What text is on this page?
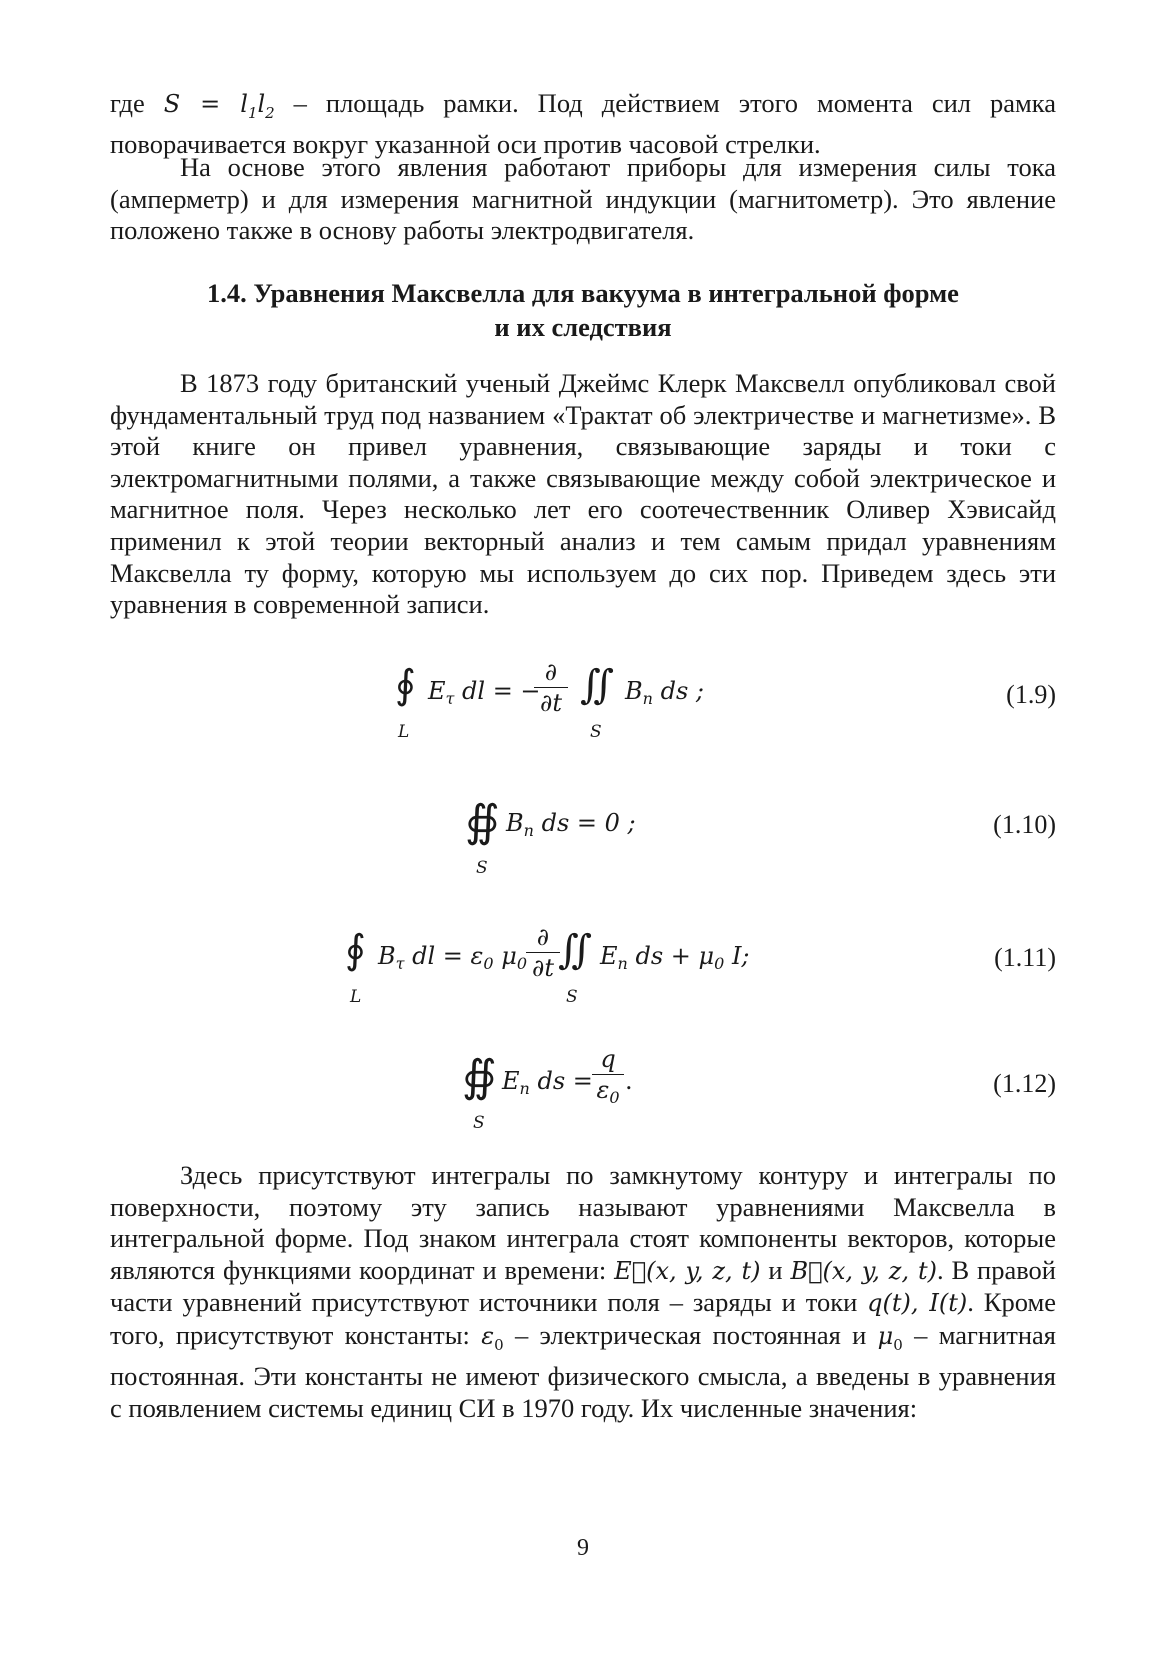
где $S = l_1l_2$ – площадь рамки. Под действием этого момента сил рамка поворачивается вокруг указанной оси против часовой стрелки.

На основе этого явления работают приборы для измерения силы тока (амперметр) и для измерения магнитной индукции (магнитометр). Это явление положено также в основу работы электродвигателя.

1.4. Уравнения Максвелла для вакуума в интегральной форме

и их следствия

В 1873 году британский ученый Джеймс Клерк Максвелл опубликовал свой фундаментальный труд под названием «Трактат об электричестве и магнетизме». В этой книге он привел уравнения, связывающие заряды и токи с электромагнитными полями, а также связывающие между собой электрическое и магнитное поля. Через несколько лет его соотечественник Оливер Хэвисайд применил к этой теории векторный анализ и тем самым придал уравнениям Максвелла ту форму, которую мы используем до сих пор. Приведем здесь эти уравнения в современной записи.

∮
L
$E_\tau$ dl = −
∂
∂t ∬
S
$B_n$ ds ;	(1.9)
∯
S
$B_n$ ds = 0 ;	(1.10)
∮
L
$B_\tau$ dl = $\varepsilon_0$ $\mu_0$
∂
∂t ∬
S
$E_n$ ds + $\mu_0$ I;	(1.11)
∯
S
$E_n$ ds =
q
$\varepsilon_0$
.	(1.12)

Здесь присутствуют интегралы по замкнутому контуру и интегралы по поверхности, поэтому эту запись называют уравнениями Максвелла в интегральной форме. Под знаком интеграла стоят компоненты векторов, которые являются функциями координат и времени: E⃗(x, y, z, t) и B⃗(x, y, z, t). В правой части уравнений присутствуют источники поля – заряды и токи q(t), I(t). Кроме того, присутствуют константы: $\varepsilon_0$ – электрическая постоянная и $\mu_0$ – магнитная постоянная. Эти константы не имеют физического смысла, а введены в уравнения с появлением системы единиц СИ в 1970 году. Их численные значения:

9
